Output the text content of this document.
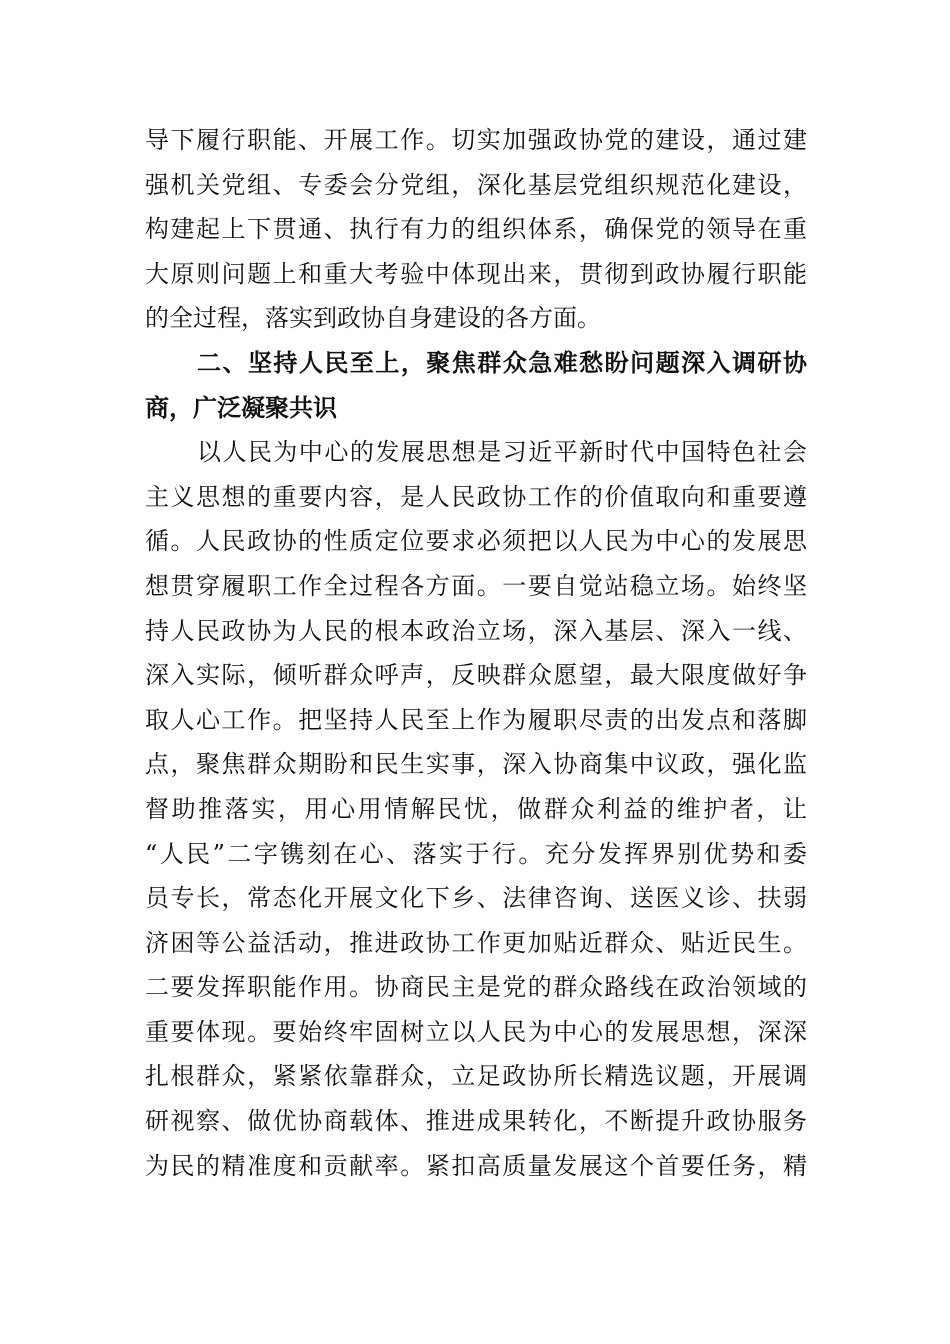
导下履行职能、开展工作。切实加强政协党的建设，通过建
强机关党组、专委会分党组，深化基层党组织规范化建设，
构建起上下贯通、执行有力的组织体系，确保党的领导在重
大原则问题上和重大考验中体现出来，贯彻到政协履行职能
的全过程，落实到政协自身建设的各方面。
二、坚持人民至上，聚焦群众急难愁盼问题深入调研协
商，广泛凝聚共识
以人民为中心的发展思想是习近平新时代中国特色社会
主义思想的重要内容，是人民政协工作的价值取向和重要遵
循。人民政协的性质定位要求必须把以人民为中心的发展思
想贯穿履职工作全过程各方面。一要自觉站稳立场。始终坚
持人民政协为人民的根本政治立场，深入基层、深入一线、
深入实际，倾听群众呼声，反映群众愿望，最大限度做好争
取人心工作。把坚持人民至上作为履职尽责的出发点和落脚
点，聚焦群众期盼和民生实事，深入协商集中议政，强化监
督助推落实，用心用情解民忧，做群众利益的维护者，让
“人民”二字镌刻在心、落实于行。充分发挥界别优势和委
员专长，常态化开展文化下乡、法律咨询、送医义诊、扶弱
济困等公益活动，推进政协工作更加贴近群众、贴近民生。
二要发挥职能作用。协商民主是党的群众路线在政治领域的
重要体现。要始终牢固树立以人民为中心的发展思想，深深
扎根群众，紧紧依靠群众，立足政协所长精选议题，开展调
研视察、做优协商载体、推进成果转化，不断提升政协服务
为民的精准度和贡献率。紧扣高质量发展这个首要任务，精
